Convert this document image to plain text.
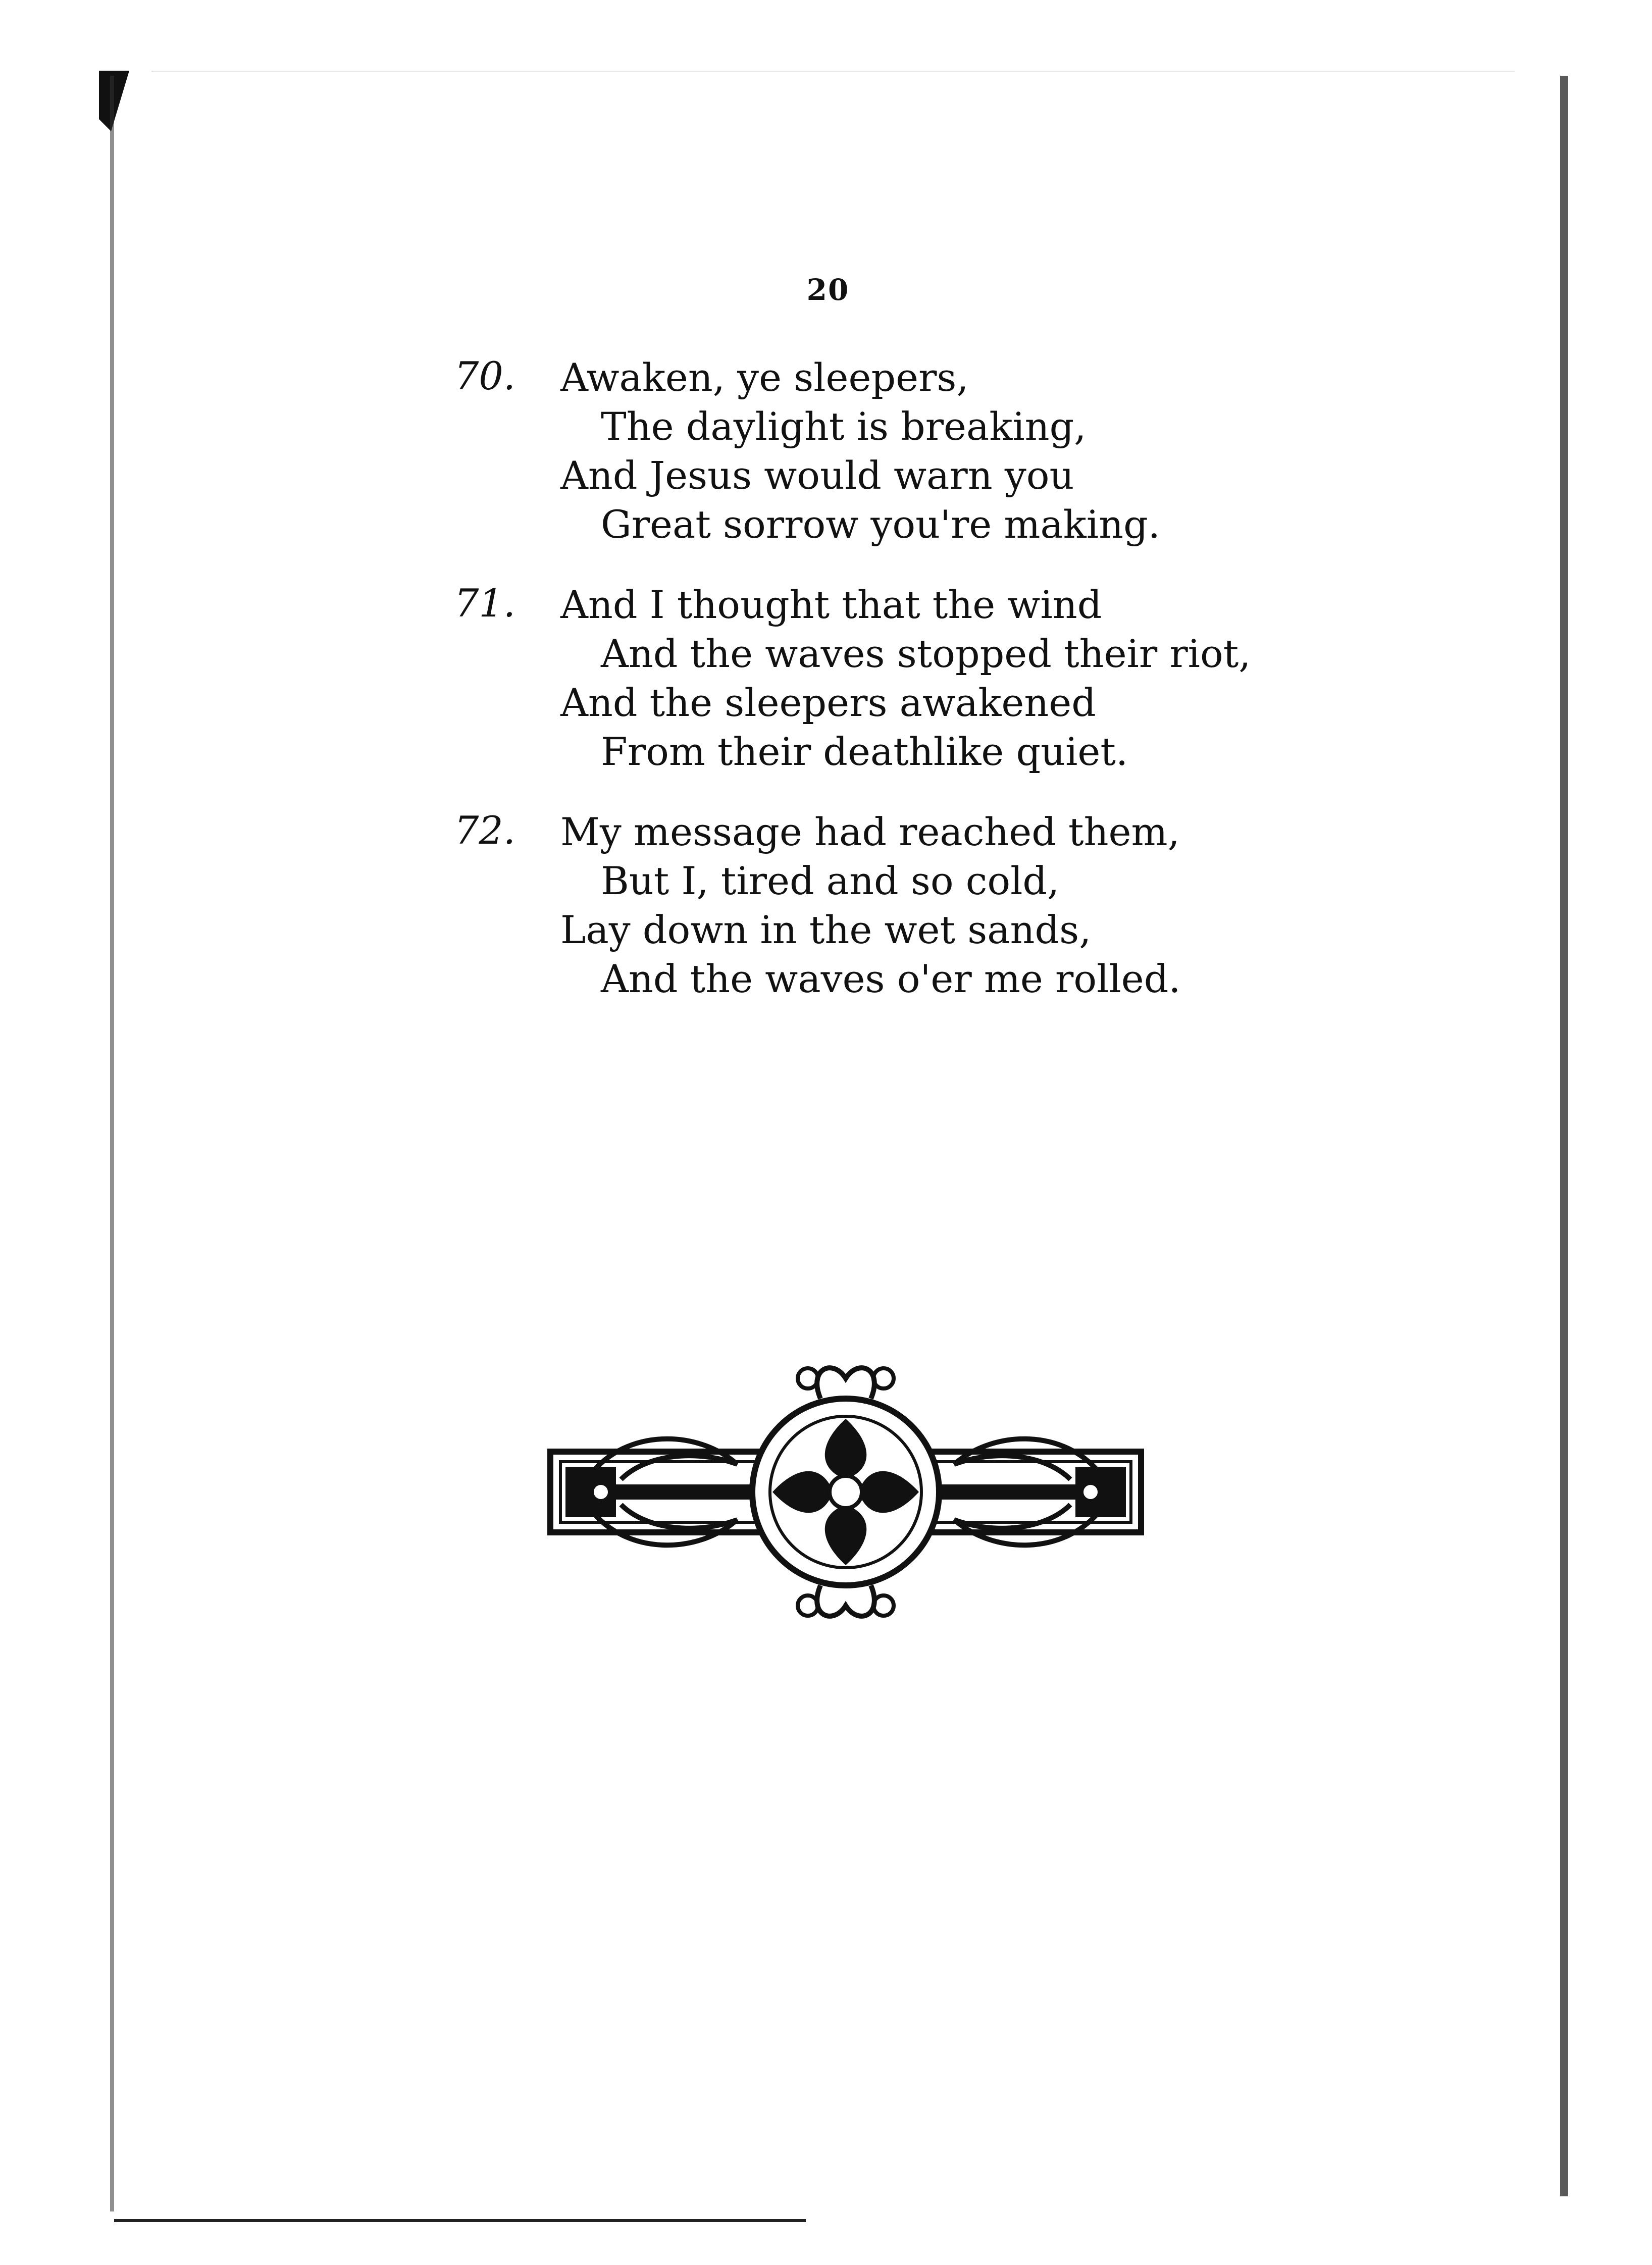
20
70.	Awaken, ye sleepers,
The daylight is breaking,
And Jesus would warn you
Great sorrow you're making.
71.	And I thought that the wind
And the waves stopped their riot,
And the sleepers awakened
From their deathlike quiet.
72.	My message had reached them,
But I, tired and so cold,
Lay down in the wet sands,
And the waves o'er me rolled.
